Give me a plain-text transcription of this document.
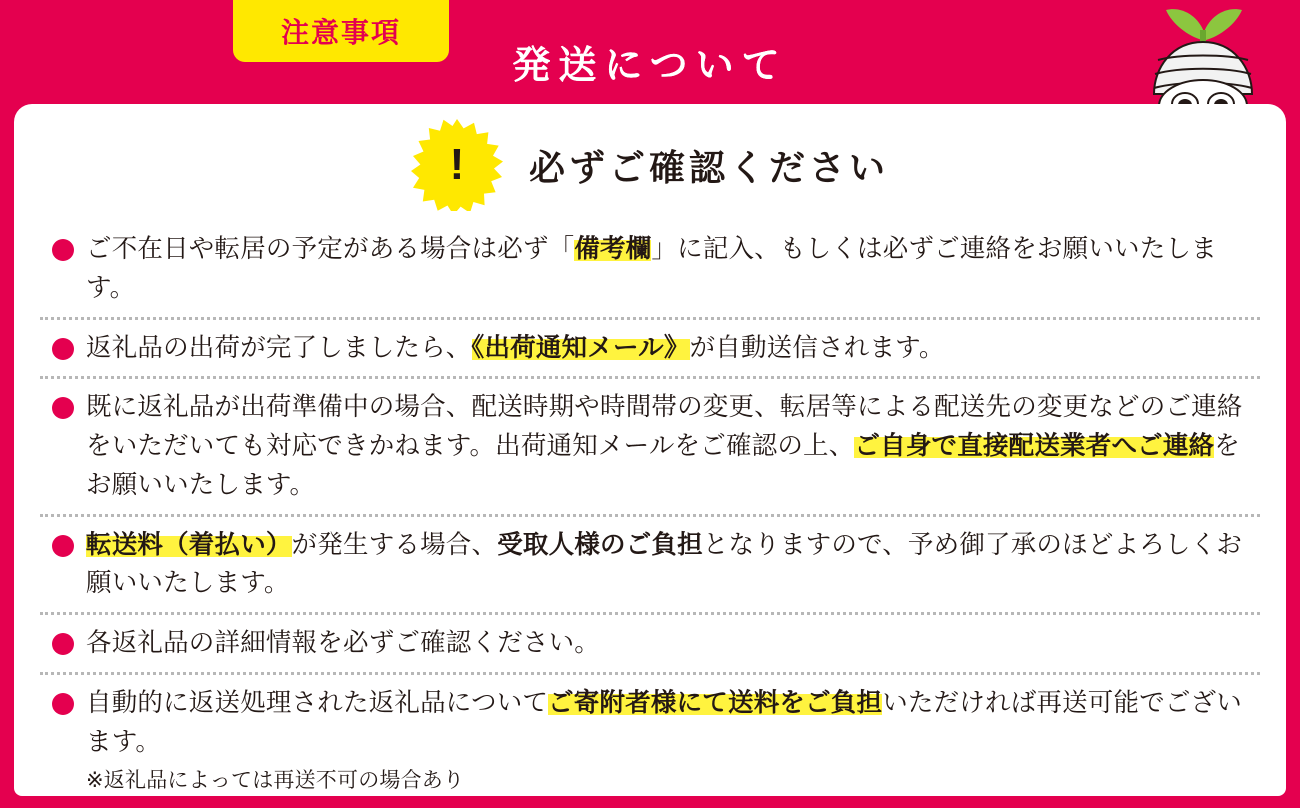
注意事項
発送について
!	必ずご確認ください
ご不在日や転居の予定がある場合は必ず「備考欄」に記入、もしくは必ずご連絡をお願いいたします。
返礼品の出荷が完了しましたら、《出荷通知メール》が自動送信されます。
既に返礼品が出荷準備中の場合、配送時期や時間帯の変更、転居等による配送先の変更などのご連絡をいただいても対応できかねます。出荷通知メールをご確認の上、ご自身で直接配送業者へご連絡をお願いいたします。
転送料（着払い）が発生する場合、受取人様のご負担となりますので、予め御了承のほどよろしくお願いいたします。
各返礼品の詳細情報を必ずご確認ください。
自動的に返送処理された返礼品についてご寄附者様にて送料をご負担いただければ再送可能でございます。
※返礼品によっては再送不可の場合あり
